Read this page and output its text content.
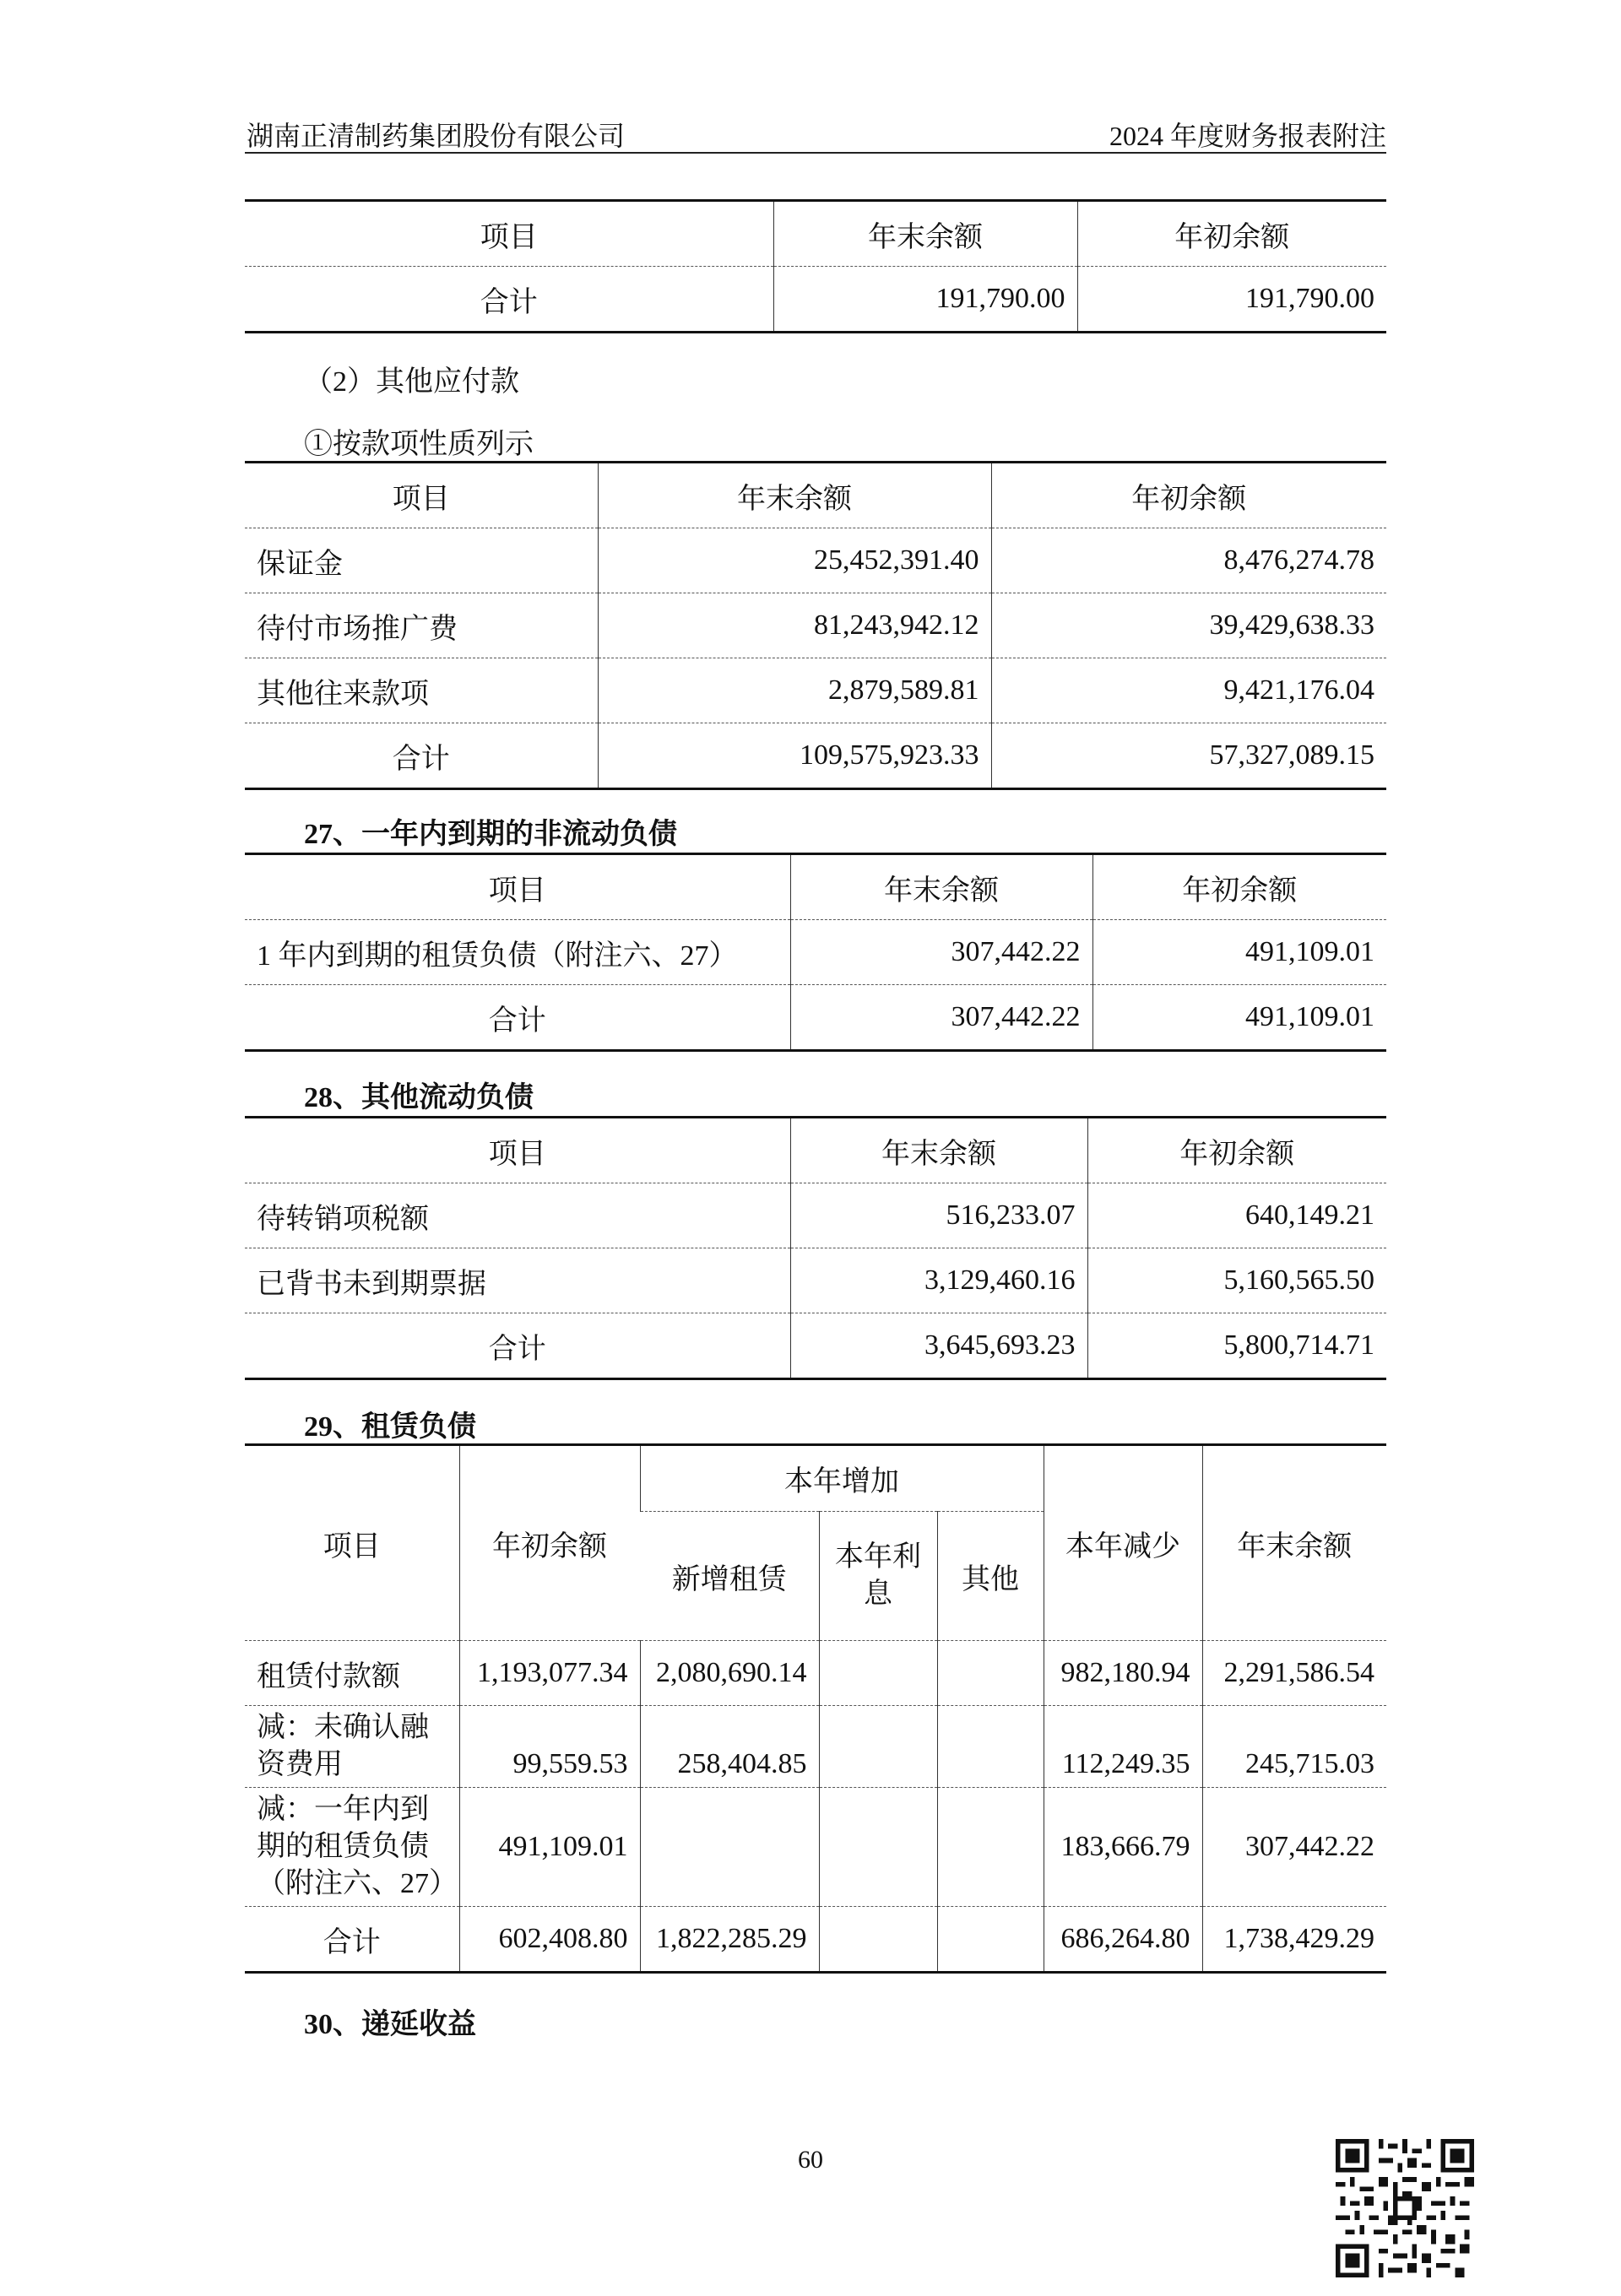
湖南正清制药集团股份有限公司	2024 年度财务报表附注
项目	年末余额	年初余额
合计	191,790.00	191,790.00
（2）其他应付款
①按款项性质列示
项目	年末余额	年初余额
保证金	25,452,391.40	8,476,274.78
待付市场推广费	81,243,942.12	39,429,638.33
其他往来款项	2,879,589.81	9,421,176.04
合计	109,575,923.33	57,327,089.15
27、一年内到期的非流动负债
项目	年末余额	年初余额
1 年内到期的租赁负债（附注六、27）	307,442.22	491,109.01
合计	307,442.22	491,109.01
28、其他流动负债
项目	年末余额	年初余额
待转销项税额	516,233.07	640,149.21
已背书未到期票据	3,129,460.16	5,160,565.50
合计	3,645,693.23	5,800,714.71
29、租赁负债
项目	年初余额	本年增加			本年减少	年末余额
		新增租赁	本年利息	其他		
租赁付款额	1,193,077.34	2,080,690.14			982,180.94	2,291,586.54
减：未确认融资费用	99,559.53	258,404.85			112,249.35	245,715.03
减：一年内到期的租赁负债（附注六、27）	491,109.01				183,666.79	307,442.22
合计	602,408.80	1,822,285.29			686,264.80	1,738,429.29
30、递延收益
60
